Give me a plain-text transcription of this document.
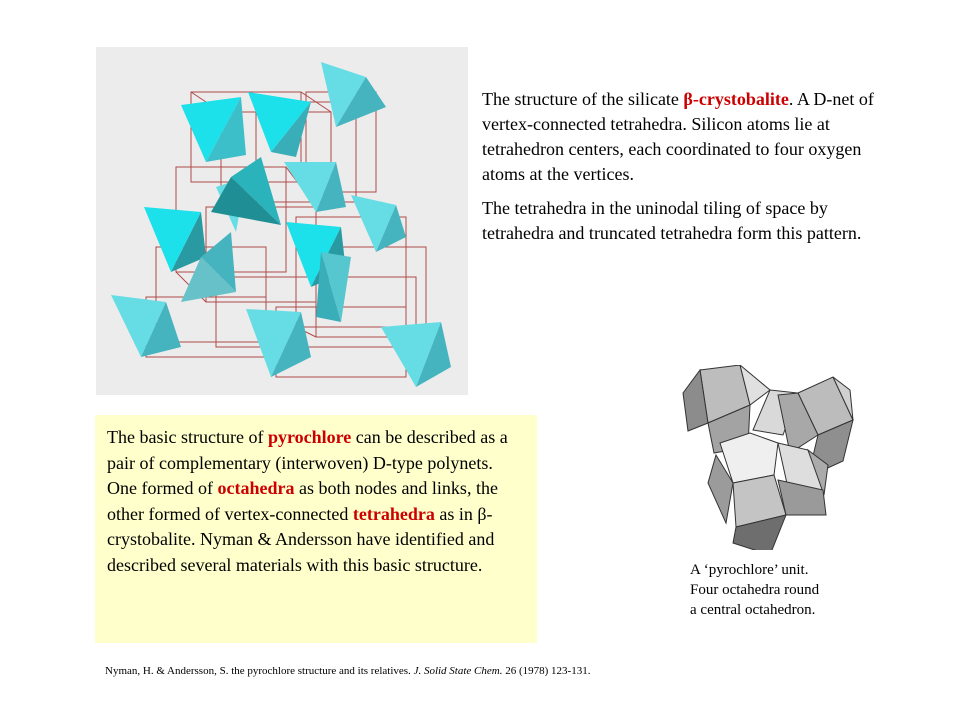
The structure of the silicate β-crystobalite. A D-net of vertex-connected tetrahedra. Silicon atoms lie at tetrahedron centers, each coordinated to four oxygen atoms at the vertices.

The tetrahedra in the uninodal tiling of space by tetrahedra and truncated tetrahedra form this pattern.

The basic structure of pyrochlore can be described as a pair of complementary (interwoven) D-type polynets. One formed of octahedra as both nodes and links, the other formed of vertex-connected tetrahedra as in β-crystobalite. Nyman & Andersson have identified and described several materials with this basic structure.	A ‘pyrochlore’ unit.
Four octahedra round
a central octahedron.
Nyman, H. & Andersson, S. the pyrochlore structure and its relatives. J. Solid State Chem. 26 (1978) 123-131.
